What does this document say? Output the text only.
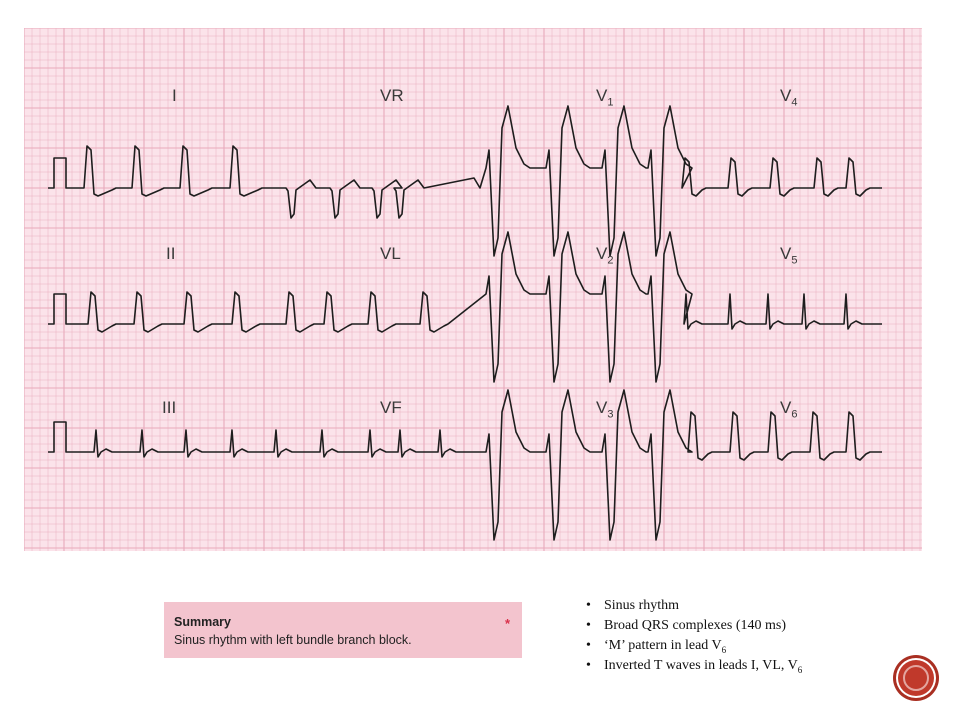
I	VR	$V_1$	$V_4$
II	VL	$V_2$	$V_5$
III	VF	$V_3$	$V_6$
Summary	*
Sinus rhythm with left bundle branch block.
• Sinus rhythm
• Broad QRS complexes (140 ms)
• ‘M’ pattern in lead $V_6$
• Inverted T waves in leads I, VL, $V_6$
